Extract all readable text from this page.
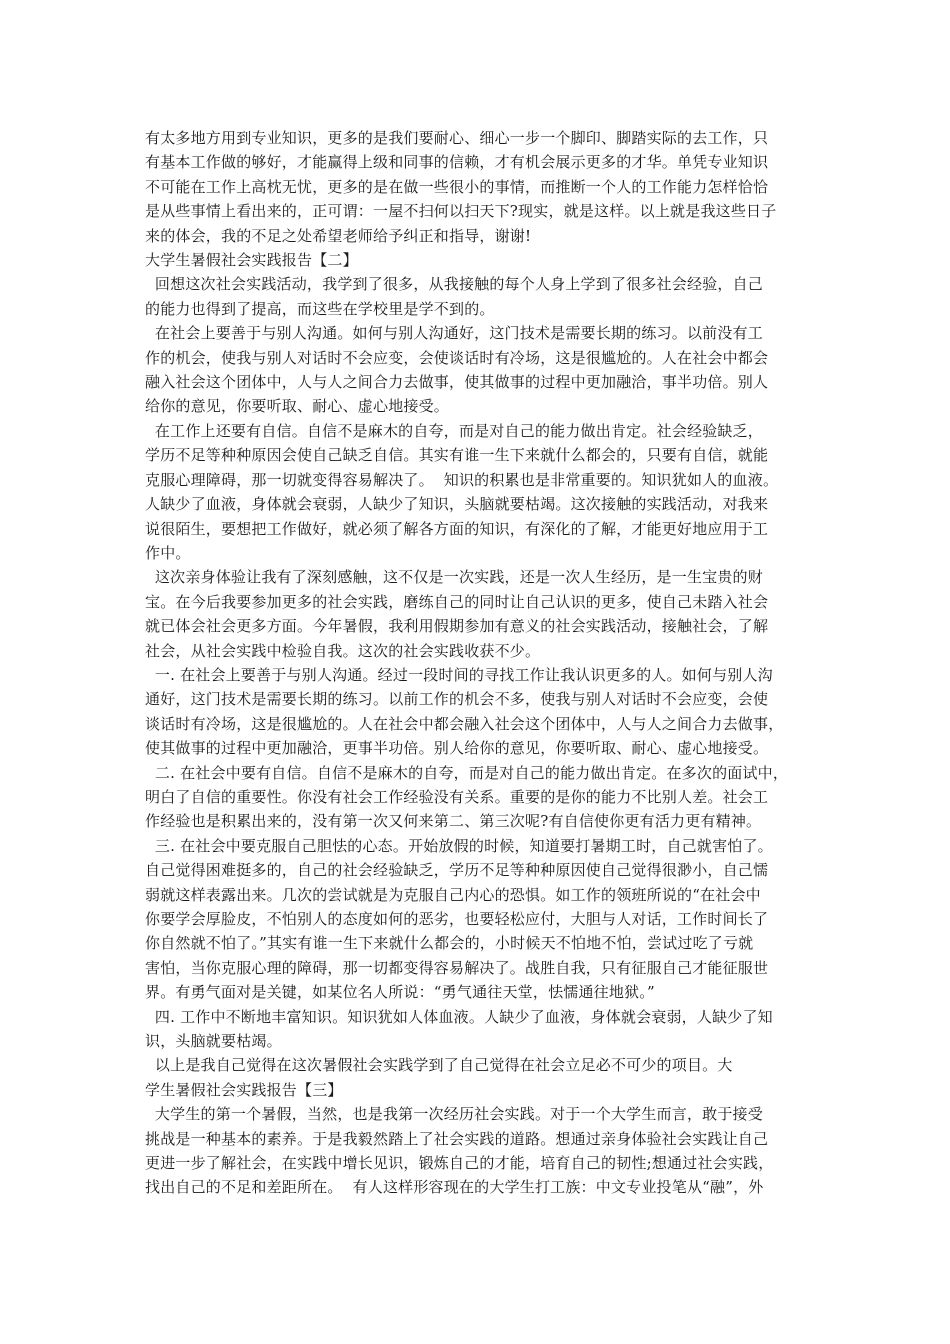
有太多地方用到专业知识，更多的是我们要耐心、细心一步一个脚印、脚踏实际的去工作，只
有基本工作做的够好，才能赢得上级和同事的信赖，才有机会展示更多的才华。单凭专业知识
不可能在工作上高枕无忧，更多的是在做一些很小的事情，而推断一个人的工作能力怎样恰恰
是从些事情上看出来的，正可谓：一屋不扫何以扫天下?现实，就是这样。以上就是我这些日子
来的体会，我的不足之处希望老师给予纠正和指导，谢谢!
大学生暑假社会实践报告【二】
回想这次社会实践活动，我学到了很多，从我接触的每个人身上学到了很多社会经验，自己
的能力也得到了提高，而这些在学校里是学不到的。
在社会上要善于与别人沟通。如何与别人沟通好，这门技术是需要长期的练习。以前没有工
作的机会，使我与别人对话时不会应变，会使谈话时有冷场，这是很尴尬的。人在社会中都会
融入社会这个团体中，人与人之间合力去做事，使其做事的过程中更加融洽，事半功倍。别人
给你的意见，你要听取、耐心、虚心地接受。
在工作上还要有自信。自信不是麻木的自夸，而是对自己的能力做出肯定。社会经验缺乏，
学历不足等种种原因会使自己缺乏自信。其实有谁一生下来就什么都会的，只要有自信，就能
克服心理障碍，那一切就变得容易解决了。  知识的积累也是非常重要的。知识犹如人的血液。
人缺少了血液，身体就会衰弱，人缺少了知识，头脑就要枯竭。这次接触的实践活动，对我来
说很陌生，要想把工作做好，就必须了解各方面的知识，有深化的了解，才能更好地应用于工
作中。
这次亲身体验让我有了深刻感触，这不仅是一次实践，还是一次人生经历，是一生宝贵的财
宝。在今后我要参加更多的社会实践，磨练自己的同时让自己认识的更多，使自己未踏入社会
就已体会社会更多方面。今年暑假，我利用假期参加有意义的社会实践活动，接触社会，了解
社会，从社会实践中检验自我。这次的社会实践收获不少。
一. 在社会上要善于与别人沟通。经过一段时间的寻找工作让我认识更多的人。如何与别人沟
通好，这门技术是需要长期的练习。以前工作的机会不多，使我与别人对话时不会应变，会使
谈话时有冷场，这是很尴尬的。人在社会中都会融入社会这个团体中，人与人之间合力去做事，
使其做事的过程中更加融洽，更事半功倍。别人给你的意见，你要听取、耐心、虚心地接受。
二. 在社会中要有自信。自信不是麻木的自夸，而是对自己的能力做出肯定。在多次的面试中，
明白了自信的重要性。你没有社会工作经验没有关系。重要的是你的能力不比别人差。社会工
作经验也是积累出来的，没有第一次又何来第二、第三次呢?有自信使你更有活力更有精神。
三. 在社会中要克服自己胆怯的心态。开始放假的时候，知道要打暑期工时，自己就害怕了。
自己觉得困难挺多的，自己的社会经验缺乏，学历不足等种种原因使自己觉得很渺小，自己懦
弱就这样表露出来。几次的尝试就是为克服自己内心的恐惧。如工作的领班所说的“在社会中
你要学会厚脸皮，不怕别人的态度如何的恶劣，也要轻松应付，大胆与人对话，工作时间长了
你自然就不怕了。”其实有谁一生下来就什么都会的，小时候天不怕地不怕，尝试过吃了亏就
害怕，当你克服心理的障碍，那一切都变得容易解决了。战胜自我，只有征服自己才能征服世
界。有勇气面对是关键，如某位名人所说：“勇气通往天堂，怯懦通往地狱。”
四. 工作中不断地丰富知识。知识犹如人体血液。人缺少了血液，身体就会衰弱，人缺少了知
识，头脑就要枯竭。
以上是我自己觉得在这次暑假社会实践学到了自己觉得在社会立足必不可少的项目。大
学生暑假社会实践报告【三】
大学生的第一个暑假，当然，也是我第一次经历社会实践。对于一个大学生而言，敢于接受
挑战是一种基本的素养。于是我毅然踏上了社会实践的道路。想通过亲身体验社会实践让自己
更进一步了解社会，在实践中增长见识，锻炼自己的才能，培育自己的韧性;想通过社会实践，
找出自己的不足和差距所在。  有人这样形容现在的大学生打工族：中文专业投笔从“融”，外
